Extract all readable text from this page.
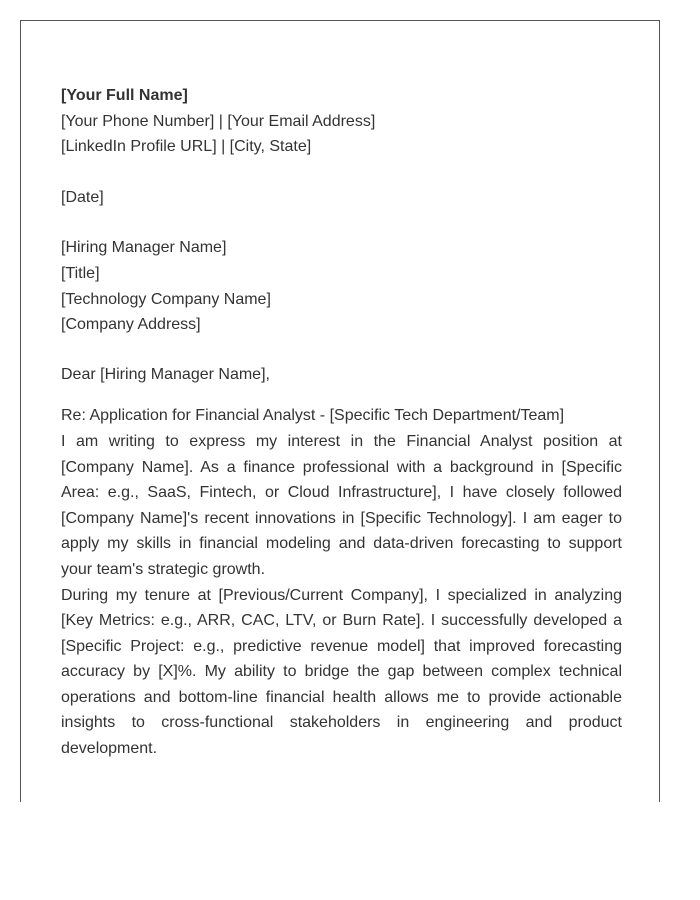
[Your Full Name]
[Your Phone Number] | [Your Email Address]
[LinkedIn Profile URL] | [City, State]
[Date]
[Hiring Manager Name]
[Title]
[Technology Company Name]
[Company Address]
Dear [Hiring Manager Name],
Re: Application for Financial Analyst - [Specific Tech Department/Team]

I am writing to express my interest in the Financial Analyst position at [Company Name]. As a finance professional with a background in [Specific Area: e.g., SaaS, Fintech, or Cloud Infrastructure], I have closely followed [Company Name]'s recent innovations in [Specific Technology]. I am eager to apply my skills in financial modeling and data-driven forecasting to support your team's strategic growth.

During my tenure at [Previous/Current Company], I specialized in analyzing [Key Metrics: e.g., ARR, CAC, LTV, or Burn Rate]. I successfully developed a [Specific Project: e.g., predictive revenue model] that improved forecasting accuracy by [X]%. My ability to bridge the gap between complex technical operations and bottom-line financial health allows me to provide actionable insights to cross-functional stakeholders in engineering and product development.
